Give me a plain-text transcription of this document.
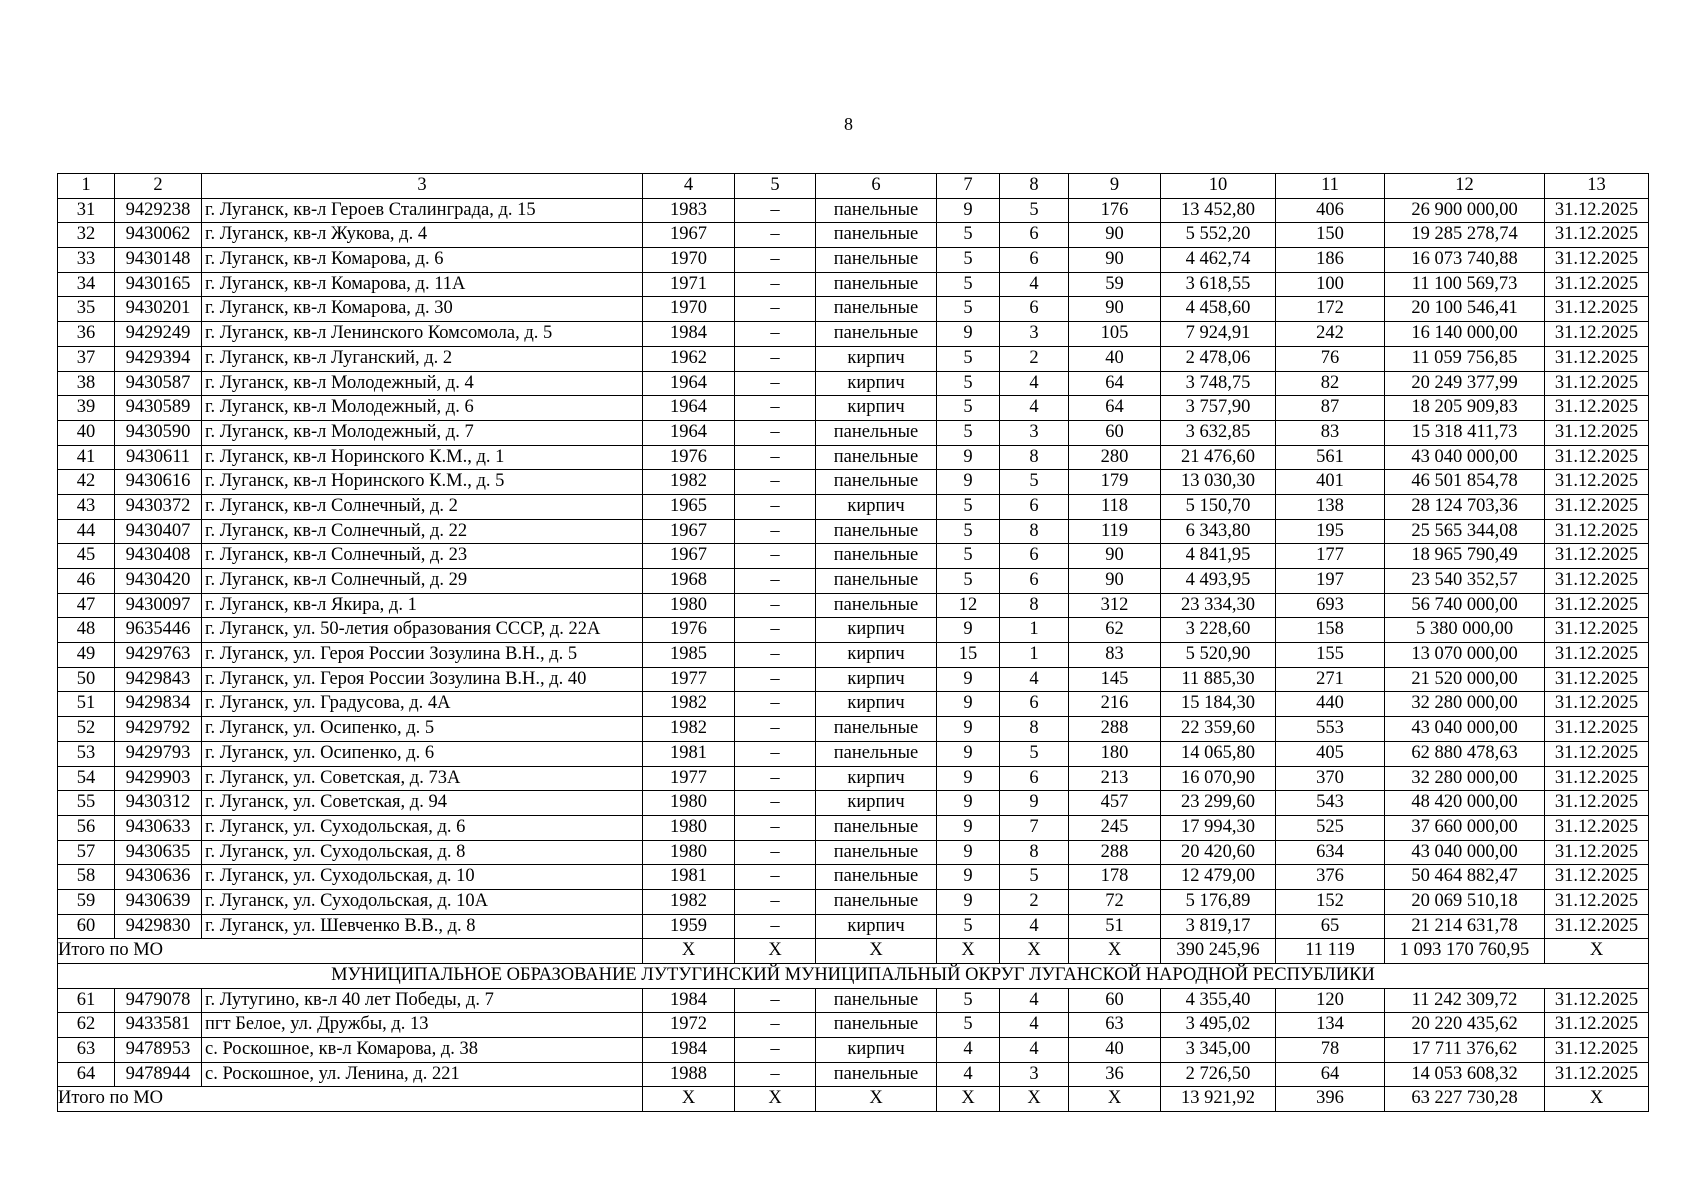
8
1	2	3	4	5	6	7	8	9	10	11	12	13
31	9429238	г. Луганск, кв-л Героев Сталинграда, д. 15	1983	–	панельные	9	5	176	13 452,80	406	26 900 000,00	31.12.2025
32	9430062	г. Луганск, кв-л Жукова, д. 4	1967	–	панельные	5	6	90	5 552,20	150	19 285 278,74	31.12.2025
33	9430148	г. Луганск, кв-л Комарова, д. 6	1970	–	панельные	5	6	90	4 462,74	186	16 073 740,88	31.12.2025
34	9430165	г. Луганск, кв-л Комарова, д. 11А	1971	–	панельные	5	4	59	3 618,55	100	11 100 569,73	31.12.2025
35	9430201	г. Луганск, кв-л Комарова, д. 30	1970	–	панельные	5	6	90	4 458,60	172	20 100 546,41	31.12.2025
36	9429249	г. Луганск, кв-л Ленинского Комсомола, д. 5	1984	–	панельные	9	3	105	7 924,91	242	16 140 000,00	31.12.2025
37	9429394	г. Луганск, кв-л Луганский, д. 2	1962	–	кирпич	5	2	40	2 478,06	76	11 059 756,85	31.12.2025
38	9430587	г. Луганск, кв-л Молодежный, д. 4	1964	–	кирпич	5	4	64	3 748,75	82	20 249 377,99	31.12.2025
39	9430589	г. Луганск, кв-л Молодежный, д. 6	1964	–	кирпич	5	4	64	3 757,90	87	18 205 909,83	31.12.2025
40	9430590	г. Луганск, кв-л Молодежный, д. 7	1964	–	панельные	5	3	60	3 632,85	83	15 318 411,73	31.12.2025
41	9430611	г. Луганск, кв-л Норинского К.М., д. 1	1976	–	панельные	9	8	280	21 476,60	561	43 040 000,00	31.12.2025
42	9430616	г. Луганск, кв-л Норинского К.М., д. 5	1982	–	панельные	9	5	179	13 030,30	401	46 501 854,78	31.12.2025
43	9430372	г. Луганск, кв-л Солнечный, д. 2	1965	–	кирпич	5	6	118	5 150,70	138	28 124 703,36	31.12.2025
44	9430407	г. Луганск, кв-л Солнечный, д. 22	1967	–	панельные	5	8	119	6 343,80	195	25 565 344,08	31.12.2025
45	9430408	г. Луганск, кв-л Солнечный, д. 23	1967	–	панельные	5	6	90	4 841,95	177	18 965 790,49	31.12.2025
46	9430420	г. Луганск, кв-л Солнечный, д. 29	1968	–	панельные	5	6	90	4 493,95	197	23 540 352,57	31.12.2025
47	9430097	г. Луганск, кв-л Якира, д. 1	1980	–	панельные	12	8	312	23 334,30	693	56 740 000,00	31.12.2025
48	9635446	г. Луганск, ул. 50-летия образования СССР, д. 22А	1976	–	кирпич	9	1	62	3 228,60	158	5 380 000,00	31.12.2025
49	9429763	г. Луганск, ул. Героя России Зозулина В.Н., д. 5	1985	–	кирпич	15	1	83	5 520,90	155	13 070 000,00	31.12.2025
50	9429843	г. Луганск, ул. Героя России Зозулина В.Н., д. 40	1977	–	кирпич	9	4	145	11 885,30	271	21 520 000,00	31.12.2025
51	9429834	г. Луганск, ул. Градусова, д. 4А	1982	–	кирпич	9	6	216	15 184,30	440	32 280 000,00	31.12.2025
52	9429792	г. Луганск, ул. Осипенко, д. 5	1982	–	панельные	9	8	288	22 359,60	553	43 040 000,00	31.12.2025
53	9429793	г. Луганск, ул. Осипенко, д. 6	1981	–	панельные	9	5	180	14 065,80	405	62 880 478,63	31.12.2025
54	9429903	г. Луганск, ул. Советская, д. 73А	1977	–	кирпич	9	6	213	16 070,90	370	32 280 000,00	31.12.2025
55	9430312	г. Луганск, ул. Советская, д. 94	1980	–	кирпич	9	9	457	23 299,60	543	48 420 000,00	31.12.2025
56	9430633	г. Луганск, ул. Суходольская, д. 6	1980	–	панельные	9	7	245	17 994,30	525	37 660 000,00	31.12.2025
57	9430635	г. Луганск, ул. Суходольская, д. 8	1980	–	панельные	9	8	288	20 420,60	634	43 040 000,00	31.12.2025
58	9430636	г. Луганск, ул. Суходольская, д. 10	1981	–	панельные	9	5	178	12 479,00	376	50 464 882,47	31.12.2025
59	9430639	г. Луганск, ул. Суходольская, д. 10А	1982	–	панельные	9	2	72	5 176,89	152	20 069 510,18	31.12.2025
60	9429830	г. Луганск, ул. Шевченко В.В., д. 8	1959	–	кирпич	5	4	51	3 819,17	65	21 214 631,78	31.12.2025
Итого по МО			X	X	X	X	X	X	390 245,96	11 119	1 093 170 760,95	X
МУНИЦИПАЛЬНОЕ ОБРАЗОВАНИЕ ЛУТУГИНСКИЙ МУНИЦИПАЛЬНЫЙ ОКРУГ ЛУГАНСКОЙ НАРОДНОЙ РЕСПУБЛИКИ												
61	9479078	г. Лутугино, кв-л 40 лет Победы, д. 7	1984	–	панельные	5	4	60	4 355,40	120	11 242 309,72	31.12.2025
62	9433581	пгт Белое, ул. Дружбы, д. 13	1972	–	панельные	5	4	63	3 495,02	134	20 220 435,62	31.12.2025
63	9478953	с. Роскошное, кв-л Комарова, д. 38	1984	–	кирпич	4	4	40	3 345,00	78	17 711 376,62	31.12.2025
64	9478944	с. Роскошное, ул. Ленина, д. 221	1988	–	панельные	4	3	36	2 726,50	64	14 053 608,32	31.12.2025
Итого по МО			X	X	X	X	X	X	13 921,92	396	63 227 730,28	X
